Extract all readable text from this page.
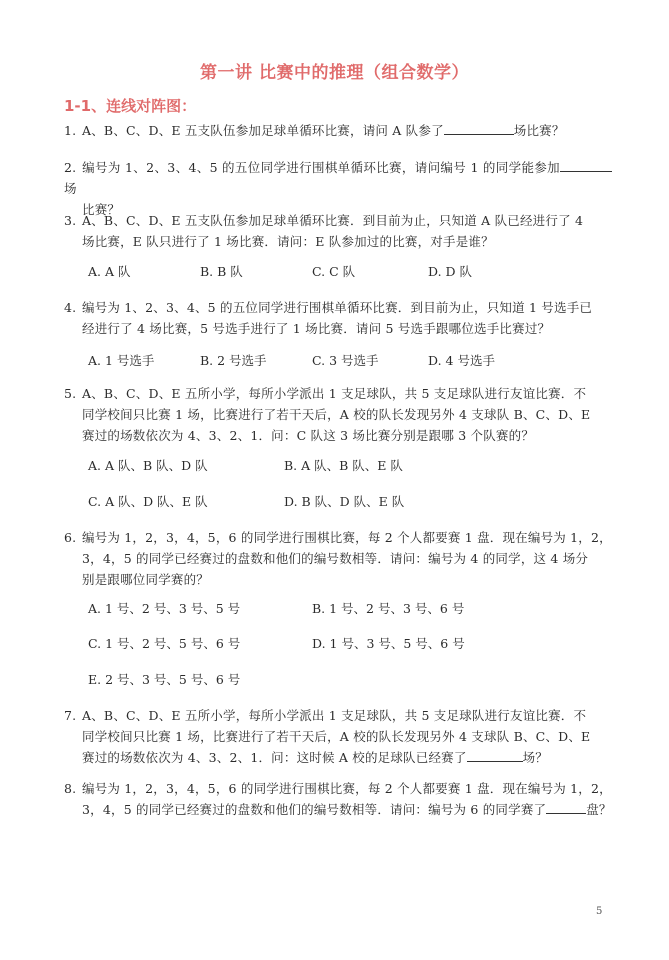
第一讲 比赛中的推理（组合数学）
1-1、连线对阵图：
1. A、B、C、D、E 五支队伍参加足球单循环比赛，请问 A 队参了	场比赛？
2. 编号为 1、2、3、4、5 的五位同学进行围棋单循环比赛，请问编号 1 的同学能参加场
比赛？
3. A、B、C、D、E 五支队伍参加足球单循环比赛．到目前为止，只知道 A 队已经进行了 4
场比赛，E 队只进行了 1 场比赛．请问：E 队参加过的比赛，对手是谁？
A. A 队	B. B 队	C. C 队	D. D 队
4. 编号为 1、2、3、4、5 的五位同学进行围棋单循环比赛．到目前为止，只知道 1 号选手已
经进行了 4 场比赛，5 号选手进行了 1 场比赛．请问 5 号选手跟哪位选手比赛过？
A. 1 号选手	B. 2 号选手	C. 3 号选手	D. 4 号选手
5. A、B、C、D、E 五所小学，每所小学派出 1 支足球队，共 5 支足球队进行友谊比赛．不
同学校间只比赛 1 场，比赛进行了若干天后，A 校的队长发现另外 4 支球队 B、C、D、E
赛过的场数依次为 4、3、2、1．问：C 队这 3 场比赛分别是跟哪 3 个队赛的？
A. A 队、B 队、D 队	B. A 队、B 队、E 队
C. A 队、D 队、E 队	D. B 队、D 队、E 队
6. 编号为 1，2，3，4，5，6 的同学进行围棋比赛，每 2 个人都要赛 1 盘．现在编号为 1，2，
3，4，5 的同学已经赛过的盘数和他们的编号数相等．请问：编号为 4 的同学，这 4 场分
别是跟哪位同学赛的？
A. 1 号、2 号、3 号、5 号	B. 1 号、2 号、3 号、6 号
C. 1 号、2 号、5 号、6 号	D. 1 号、3 号、5 号、6 号
E. 2 号、3 号、5 号、6 号
7. A、B、C、D、E 五所小学，每所小学派出 1 支足球队，共 5 支足球队进行友谊比赛．不
同学校间只比赛 1 场，比赛进行了若干天后，A 校的队长发现另外 4 支球队 B、C、D、E
赛过的场数依次为 4、3、2、1．问：这时候 A 校的足球队已经赛了	场？
8. 编号为 1，2，3，4，5，6 的同学进行围棋比赛，每 2 个人都要赛 1 盘．现在编号为 1，2，
3，4，5 的同学已经赛过的盘数和他们的编号数相等．请问：编号为 6 的同学赛了	盘？
5
